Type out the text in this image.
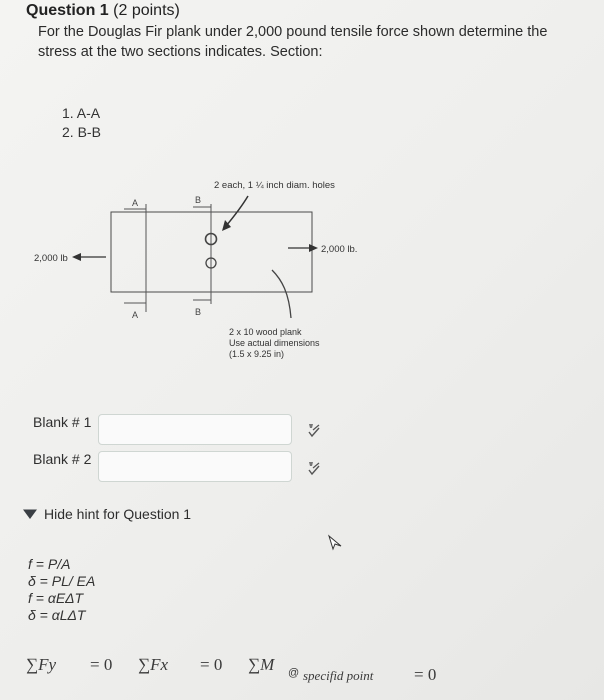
Question 1 (2 points)
For the Douglas Fir plank under 2,000 pound tensile force shown determine the stress at the two sections indicates. Section:
1. A-A
2. B-B
A
A
B
B
2 each, 1 ¼ inch diam. holes
2 x 10 wood plank
Use actual dimensions
(1.5 x 9.25 in)
2,000 lb
2,000 lb.
Blank # 1
Blank # 2
Hide hint for Question 1
f = P/A
δ = PL/ EA
f = αEΔT
δ = αLΔT
∑Fy = 0 ∑Fx = 0 ∑M @ specifid point = 0
